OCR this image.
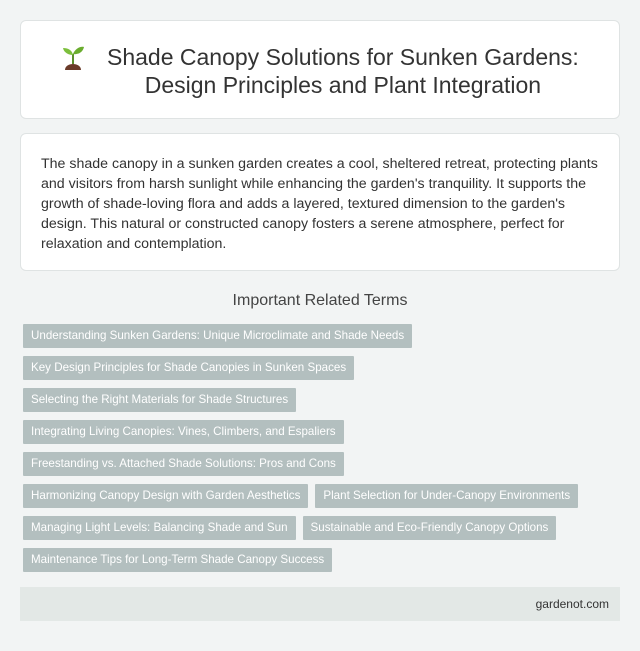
Shade Canopy Solutions for Sunken Gardens:
Design Principles and Plant Integration

The shade canopy in a sunken garden creates a cool, sheltered retreat, protecting plants and visitors from harsh sunlight while enhancing the garden's tranquility. It supports the growth of shade-loving flora and adds a layered, textured dimension to the garden's design. This natural or constructed canopy fosters a serene atmosphere, perfect for relaxation and contemplation.

Important Related Terms
Understanding Sunken Gardens: Unique Microclimate and Shade Needs
Key Design Principles for Shade Canopies in Sunken Spaces
Selecting the Right Materials for Shade Structures
Integrating Living Canopies: Vines, Climbers, and Espaliers
Freestanding vs. Attached Shade Solutions: Pros and Cons
Harmonizing Canopy Design with Garden Aesthetics	Plant Selection for Under-Canopy Environments
Managing Light Levels: Balancing Shade and Sun	Sustainable and Eco-Friendly Canopy Options
Maintenance Tips for Long-Term Shade Canopy Success
gardenot.com
